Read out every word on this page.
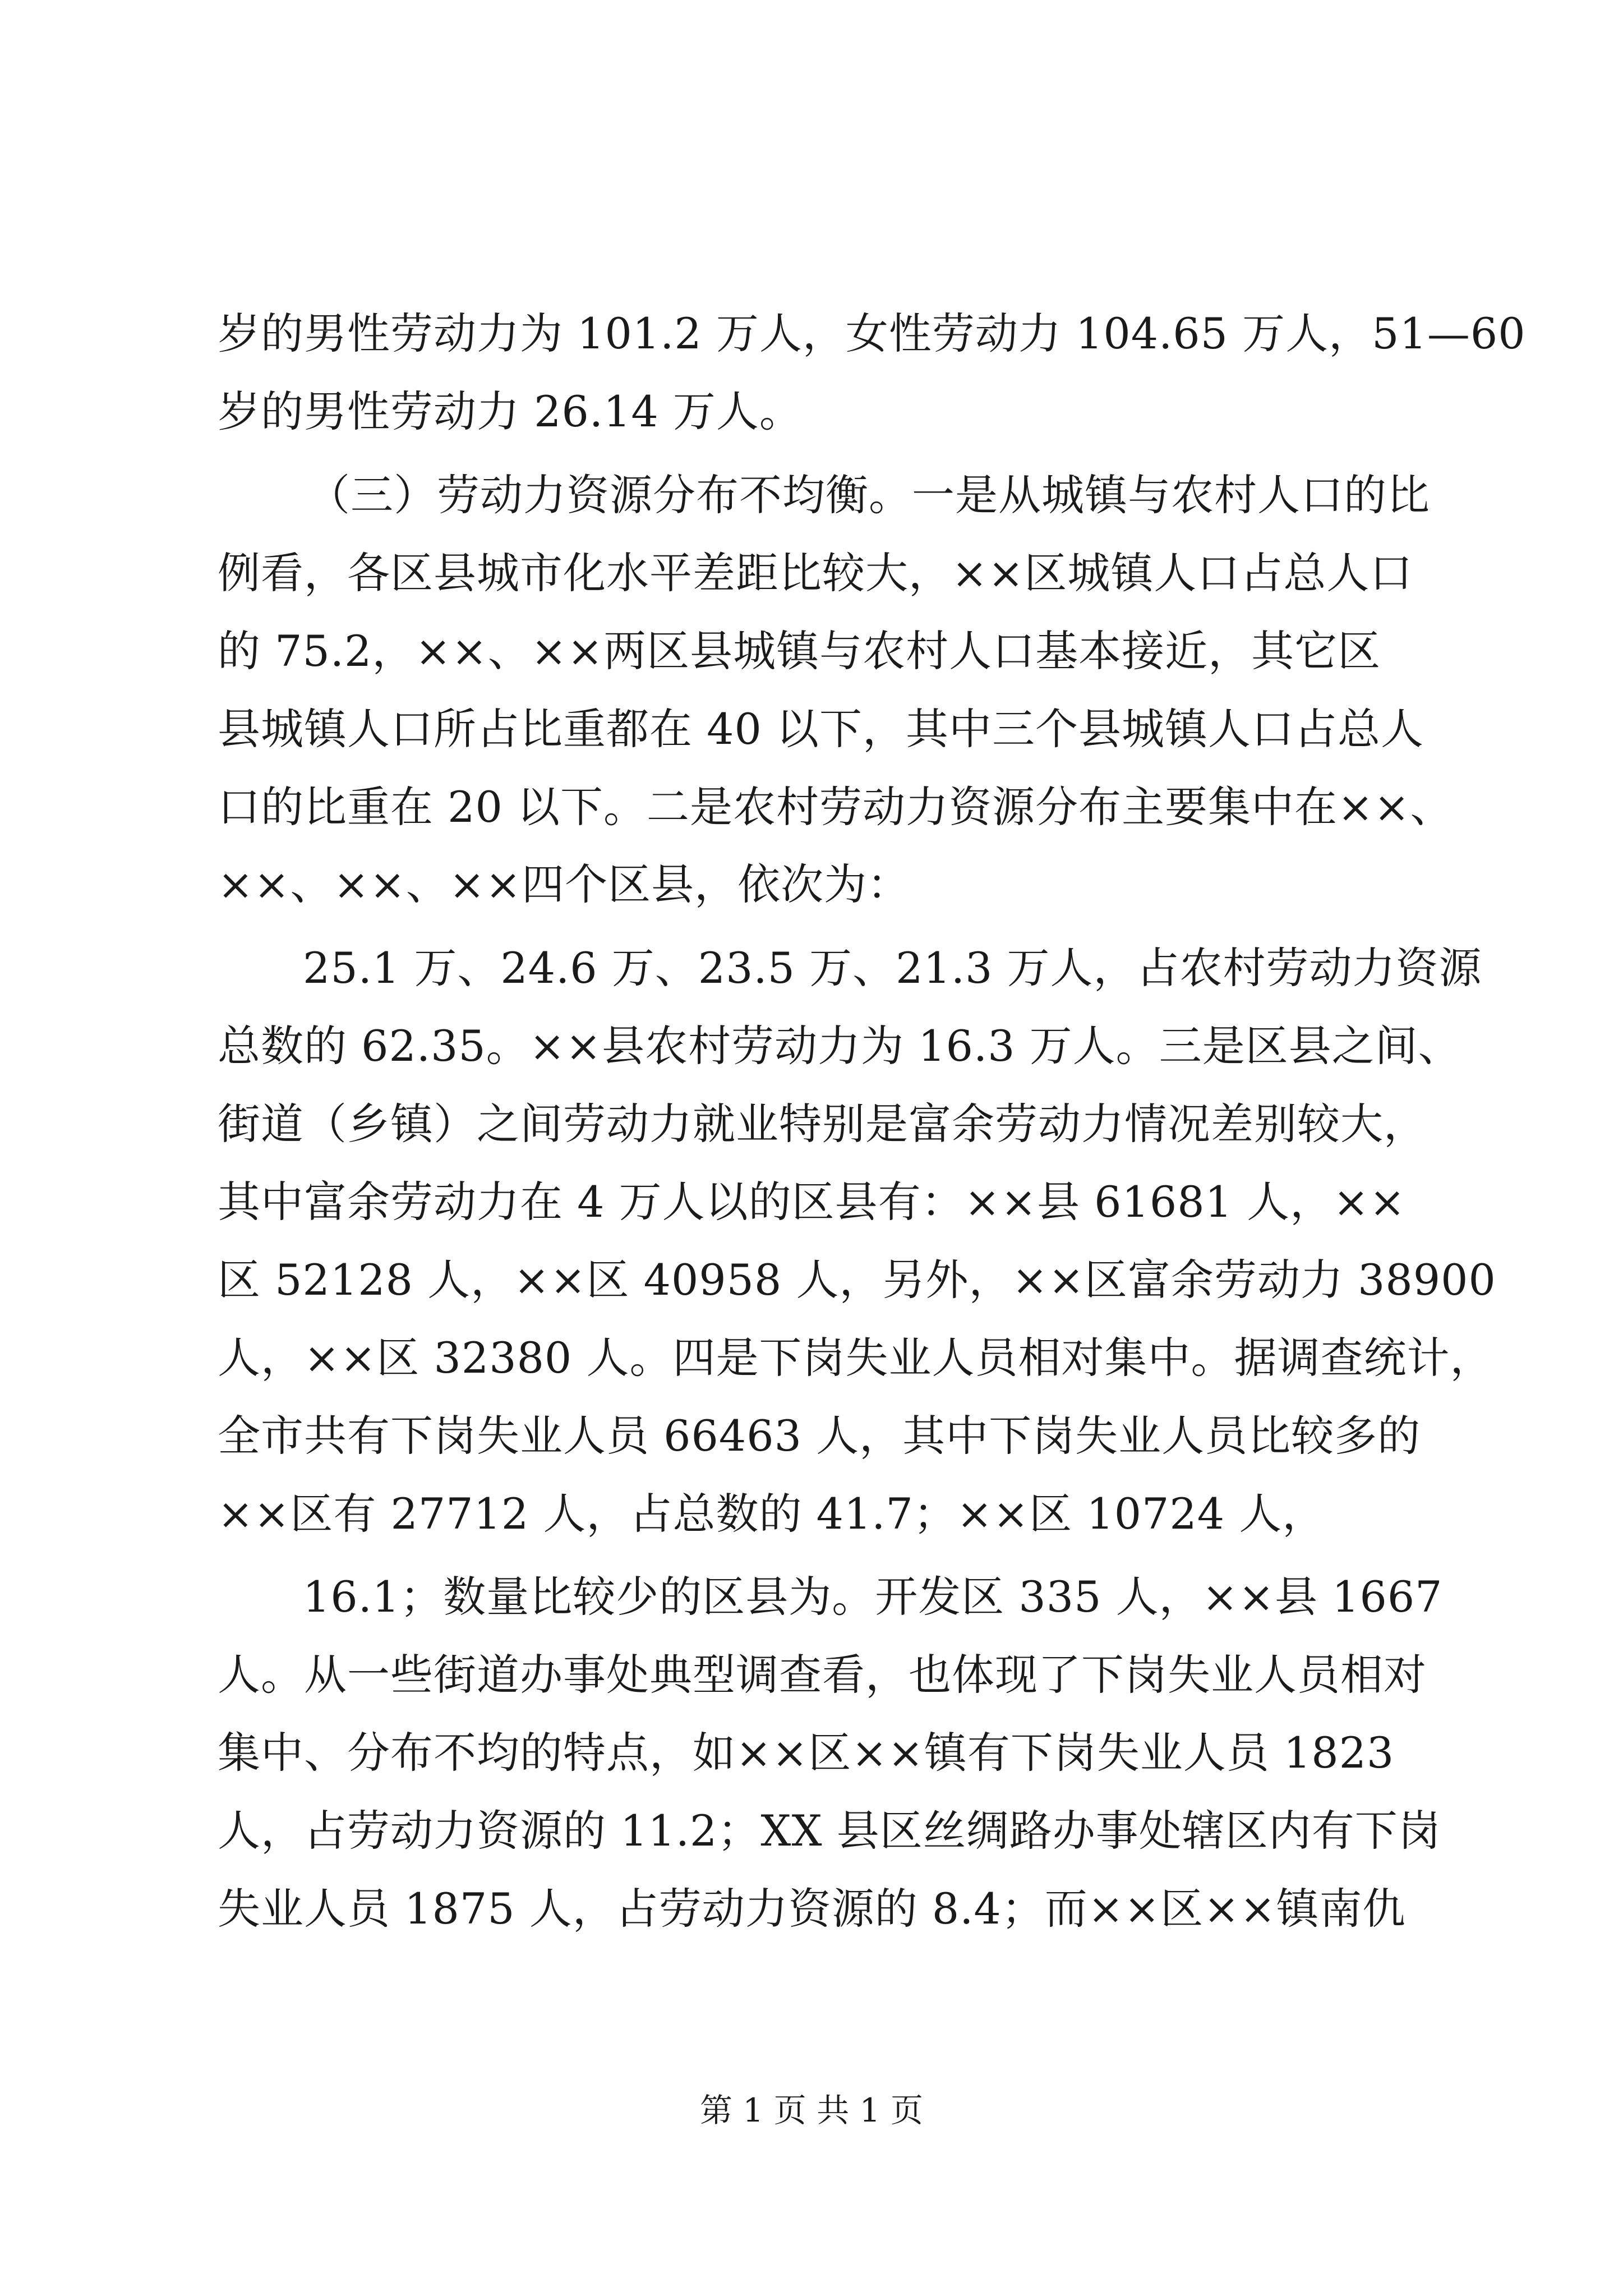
岁的男性劳动力为 101.2 万人，女性劳动力 104.65 万人，51—60
岁的男性劳动力 26.14 万人。
（三）劳动力资源分布不均衡。一是从城镇与农村人口的比
例看，各区县城市化水平差距比较大，××区城镇人口占总人口
的 75.2，××、××两区县城镇与农村人口基本接近，其它区
县城镇人口所占比重都在 40 以下，其中三个县城镇人口占总人
口的比重在 20 以下。二是农村劳动力资源分布主要集中在××、
××、××、××四个区县，依次为：
25.1 万、24.6 万、23.5 万、21.3 万人，占农村劳动力资源
总数的 62.35。××县农村劳动力为 16.3 万人。三是区县之间、
街道（乡镇）之间劳动力就业特别是富余劳动力情况差别较大，
其中富余劳动力在 4 万人以的区县有：××县 61681 人，××
区 52128 人，××区 40958 人，另外，××区富余劳动力 38900
人，××区 32380 人。四是下岗失业人员相对集中。据调查统计，
全市共有下岗失业人员 66463 人，其中下岗失业人员比较多的
××区有 27712 人，占总数的 41.7；××区 10724 人，
16.1；数量比较少的区县为。开发区 335 人，××县 1667
人。从一些街道办事处典型调查看，也体现了下岗失业人员相对
集中、分布不均的特点，如××区××镇有下岗失业人员 1823
人，占劳动力资源的 11.2；XX 县区丝绸路办事处辖区内有下岗
失业人员 1875 人，占劳动力资源的 8.4；而××区××镇南仇
第 1 页 共 1 页
